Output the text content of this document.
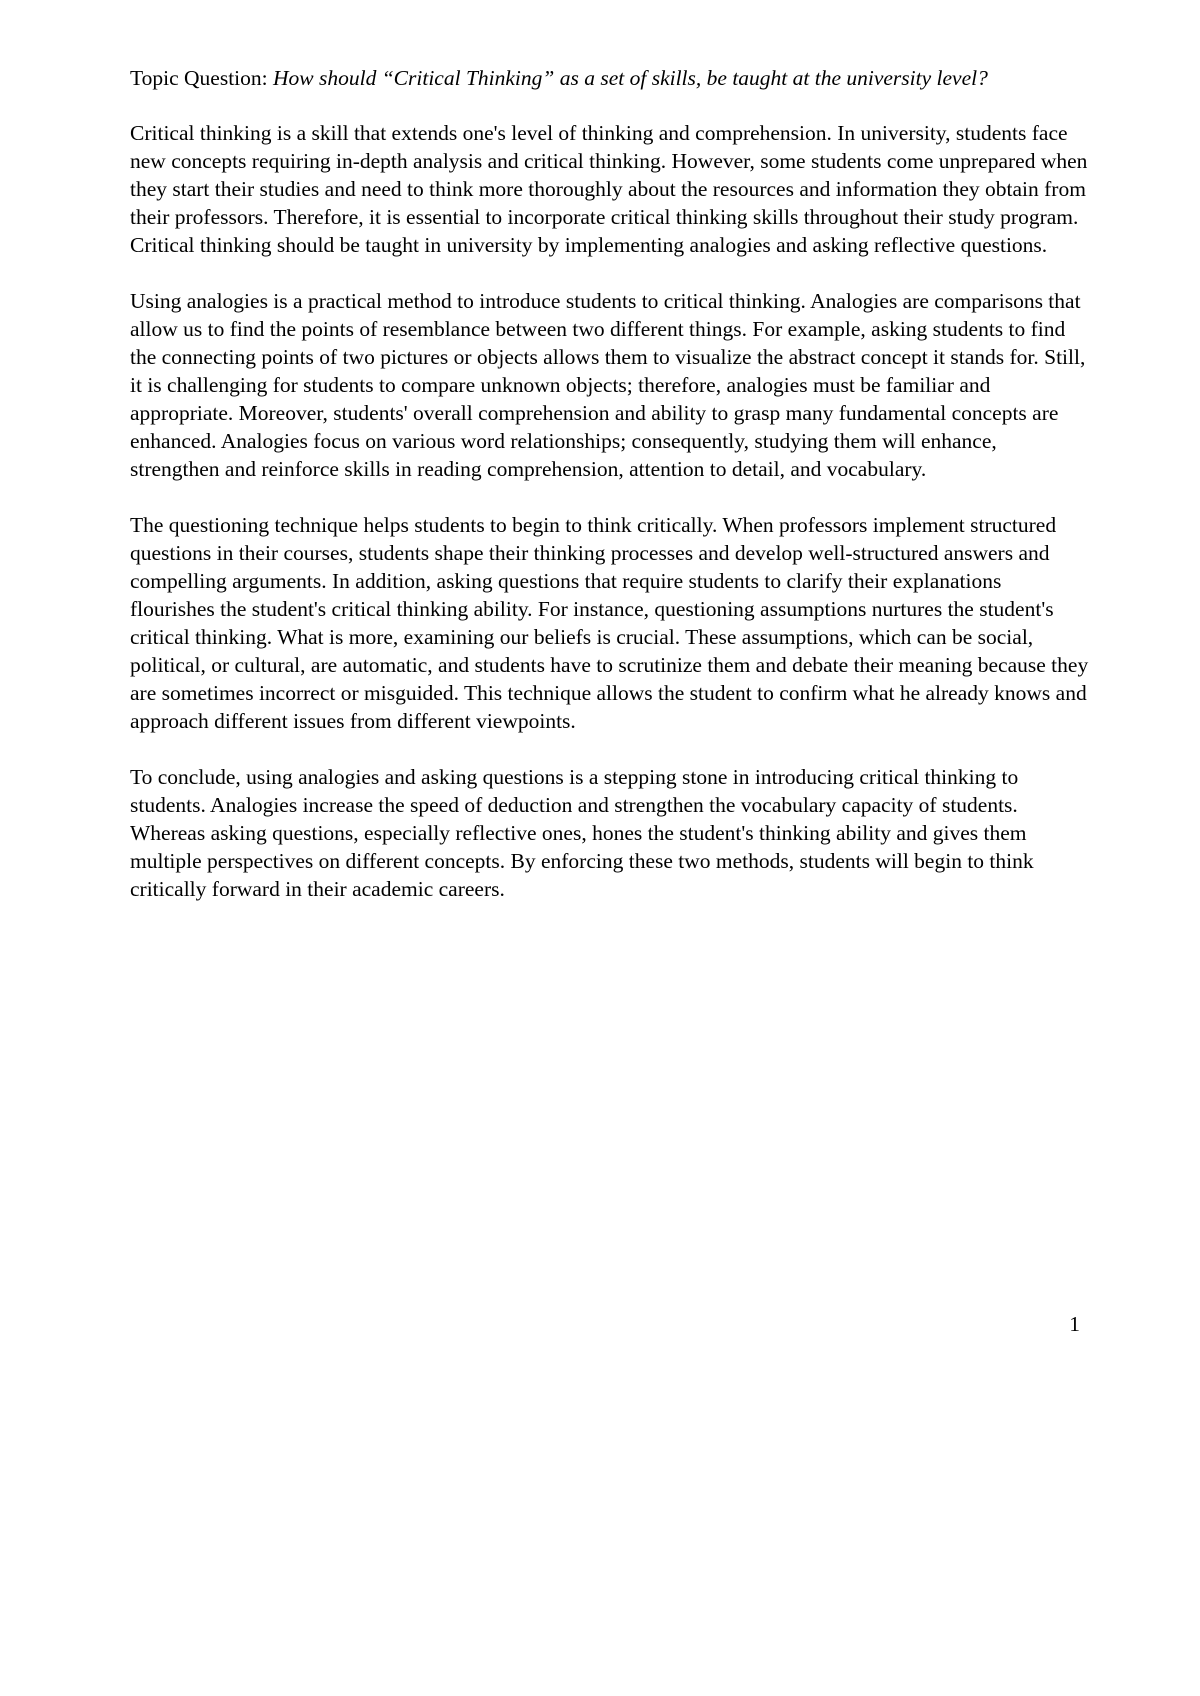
Topic Question: How should “Critical Thinking” as a set of skills, be taught at the university level?

Critical thinking is a skill that extends one's level of thinking and comprehension. In university, students face new concepts requiring in-depth analysis and critical thinking. However, some students come unprepared when they start their studies and need to think more thoroughly about the resources and information they obtain from their professors. Therefore, it is essential to incorporate critical thinking skills throughout their study program. Critical thinking should be taught in university by implementing analogies and asking reflective questions.

Using analogies is a practical method to introduce students to critical thinking. Analogies are comparisons that allow us to find the points of resemblance between two different things. For example, asking students to find the connecting points of two pictures or objects allows them to visualize the abstract concept it stands for. Still, it is challenging for students to compare unknown objects; therefore, analogies must be familiar and appropriate. Moreover, students' overall comprehension and ability to grasp many fundamental concepts are enhanced. Analogies focus on various word relationships; consequently, studying them will enhance, strengthen and reinforce skills in reading comprehension, attention to detail, and vocabulary.

The questioning technique helps students to begin to think critically. When professors implement structured questions in their courses, students shape their thinking processes and develop well-structured answers and compelling arguments. In addition, asking questions that require students to clarify their explanations flourishes the student's critical thinking ability. For instance, questioning assumptions nurtures the student's critical thinking. What is more, examining our beliefs is crucial. These assumptions, which can be social, political, or cultural, are automatic, and students have to scrutinize them and debate their meaning because they are sometimes incorrect or misguided. This technique allows the student to confirm what he already knows and approach different issues from different viewpoints.

To conclude, using analogies and asking questions is a stepping stone in introducing critical thinking to students. Analogies increase the speed of deduction and strengthen the vocabulary capacity of students. Whereas asking questions, especially reflective ones, hones the student's thinking ability and gives them multiple perspectives on different concepts. By enforcing these two methods, students will begin to think critically forward in their academic careers.

1
